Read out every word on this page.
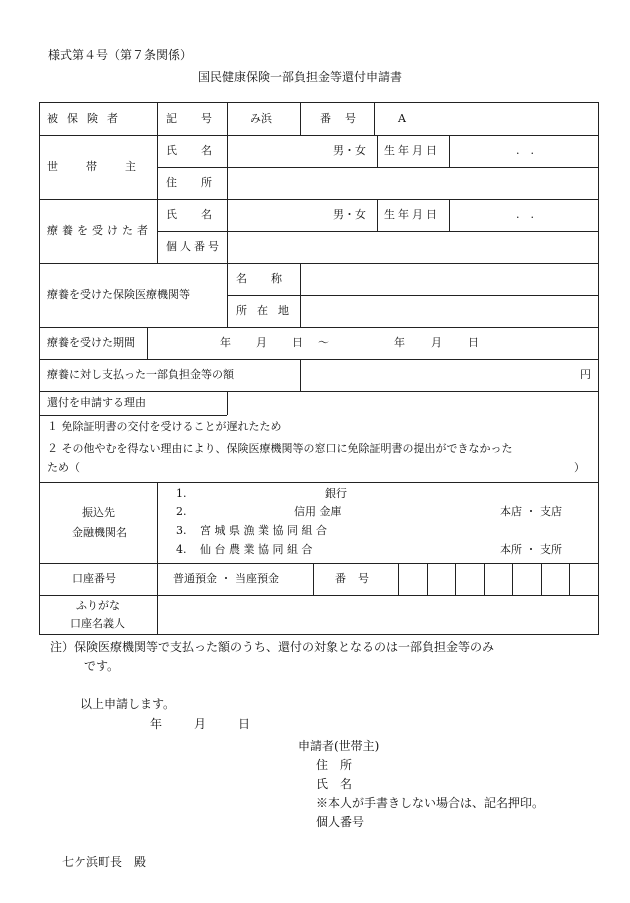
様式第４号（第７条関係）
国民健康保険一部負担金等還付申請書
被保険者	記号 み浜	番号	A
世帯主
氏名	男・女 生年月日	.　.
住所
療養を受けた者
氏名	男・女 生年月日	.　.
個人番号
療養を受けた保険医療機関等
名称
所在地
療養を受けた期間	年 月 日 ～	年 月 日
療養に対し支払った一部負担金等の額	円
還付を申請する理由
１ 免除証明書の交付を受けることが遅れたため
２ その他やむを得ない理由により、保険医療機関等の窓口に免除証明書の提出ができなかった
ため（	）
振込先
金融機関名
1.	銀行
2.	信用 金庫	本店 ・ 支店
3. 宮 城 県 漁 業 協 同 組 合
4. 仙 台 農 業 協 同 組 合	本所 ・ 支所
口座番号	普通預金 ・ 当座預金	番号
ふりがな
口座名義人
注）保険医療機関等で支払った額のうち、還付の対象となるのは一部負担金等のみ
です。
以上申請します。
年	月	日
申請者(世帯主)
住　所
氏　名
※本人が手書きしない場合は、記名押印。
個人番号
七ケ浜町長　殿
